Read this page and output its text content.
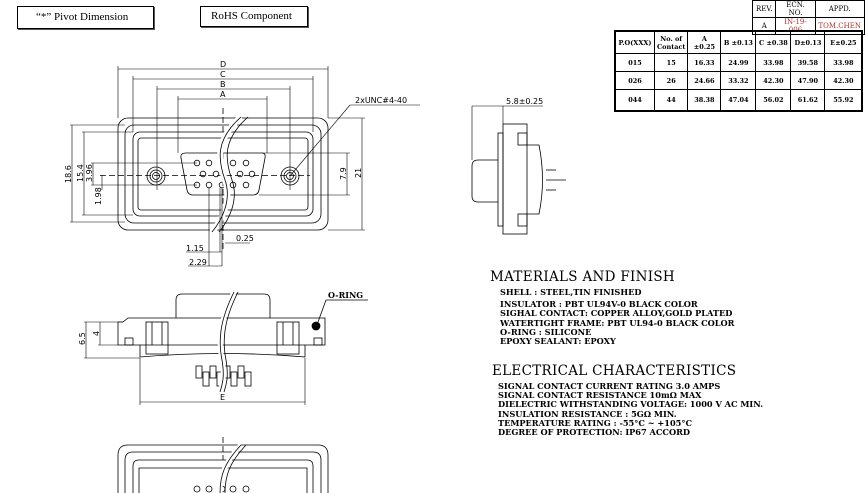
“*” Pivot Dimension	RoHS Component
REV.	ECN. NO.	APPD.
A	IN-19-006	TOM.CHEN
P.O(XXX)	No. of Contact	A ±0.25	B ±0.13	C ±0.38	D±0.13	E±0.25
015	15	16.33	24.99	33.98	39.58	33.98
026	26	24.66	33.32	42.30	47.90	42.30
044	44	38.38	47.04	56.02	61.62	55.92
D
C
B
A
2xUNC#4-40
18.6 15.4 3.96
1.98
7.9 21
0.25
1.15
2.29
5.8±0.25
6.5 4
E
O-RING
MATERIALS AND FINISH
SHELL : STEEL,TIN FINISHED
INSULATOR : PBT UL94V-0 BLACK COLOR
SIGHAL CONTACT: COPPER ALLOY,GOLD PLATED
WATERTIGHT FRAME: PBT UL94-0 BLACK COLOR
O-RING : SILICONE
EPOXY SEALANT: EPOXY
ELECTRICAL CHARACTERISTICS
SIGNAL CONTACT CURRENT RATING 3.0 AMPS
SIGNAL CONTACT RESISTANCE 10mΩ MAX
DIELECTRIC WITHSTANDING VOLTAGE: 1000 V AC MIN.
INSULATION RESISTANCE : 5GΩ MIN.
TEMPERATURE RATING : -55°C ~ +105°C
DEGREE OF PROTECTION: IP67 ACCORD
